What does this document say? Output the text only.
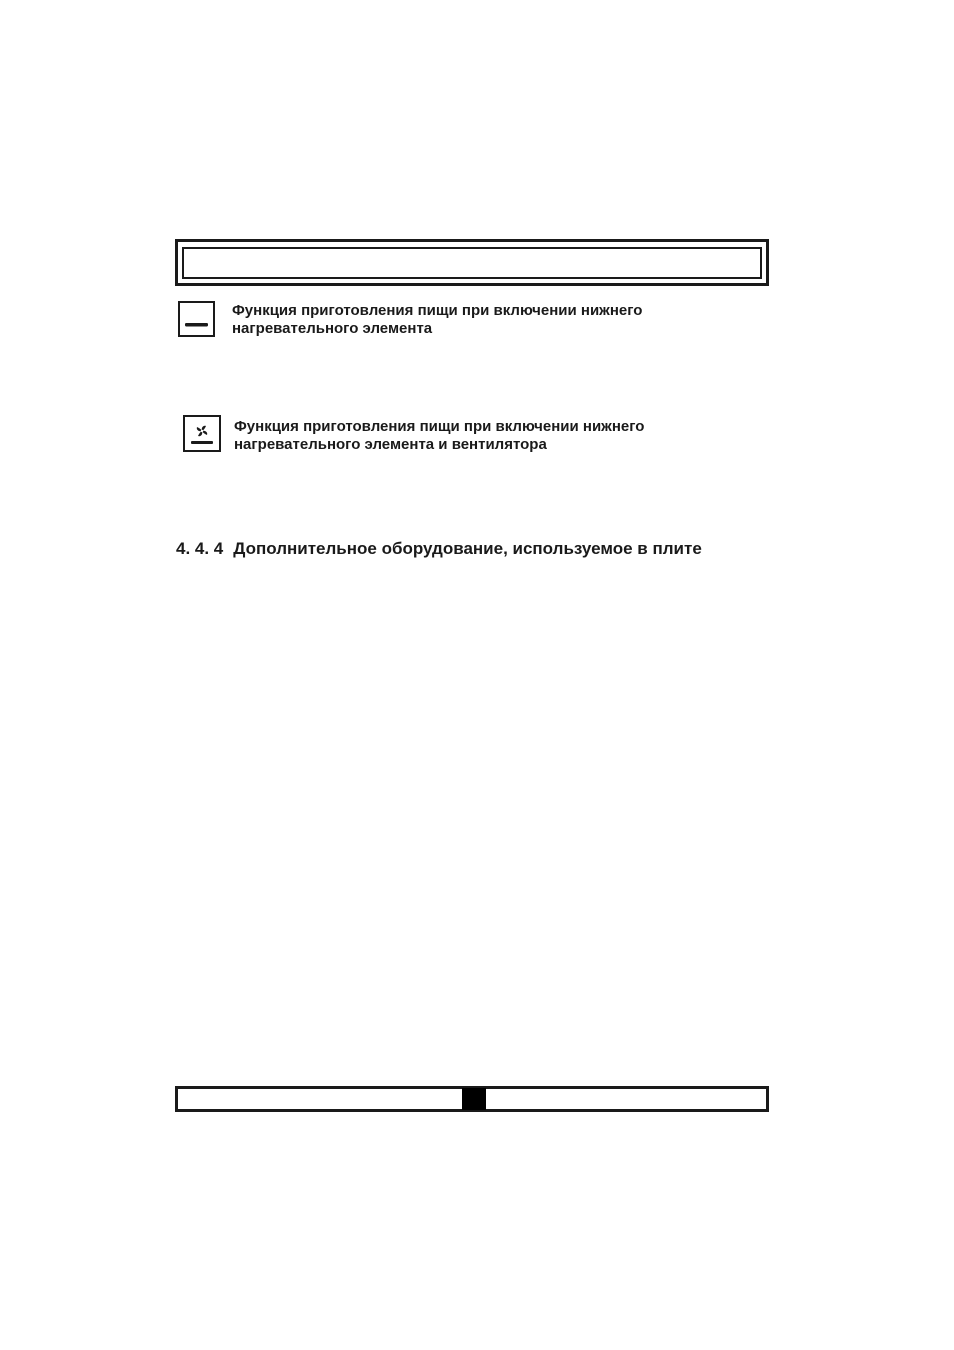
Функция приготовления пищи при включении нижнего
нагревательного элемента
Функция приготовления пищи при включении нижнего
нагревательного элемента и вентилятора
4. 4. 4 Дополнительное оборудование, используемое в плите
